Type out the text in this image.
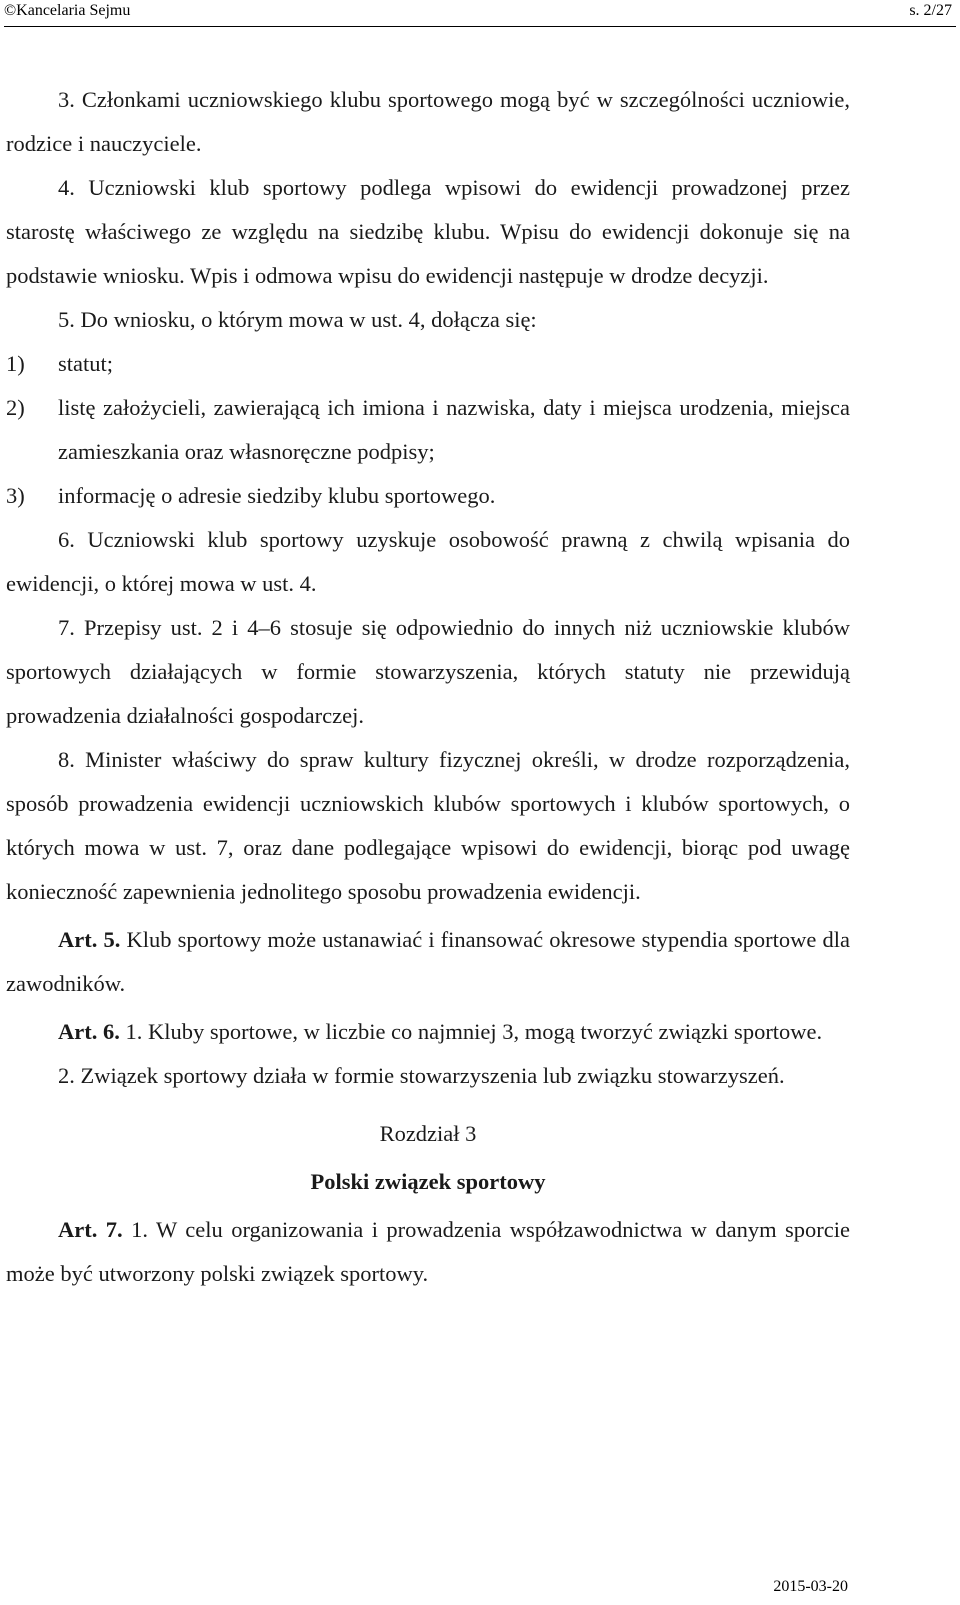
©Kancelaria Sejmu	s. 2/27

3. Członkami uczniowskiego klubu sportowego mogą być w szczególności uczniowie, rodzice i nauczyciele.

4. Uczniowski klub sportowy podlega wpisowi do ewidencji prowadzonej przez starostę właściwego ze względu na siedzibę klubu. Wpisu do ewidencji dokonuje się na podstawie wniosku. Wpis i odmowa wpisu do ewidencji następuje w drodze decyzji.

5. Do wniosku, o którym mowa w ust. 4, dołącza się:

1)	statut;
2)	listę założycieli, zawierającą ich imiona i nazwiska, daty i miejsca urodzenia, miejsca zamieszkania oraz własnoręczne podpisy;
3)	informację o adresie siedziby klubu sportowego.

6. Uczniowski klub sportowy uzyskuje osobowość prawną z chwilą wpisania do ewidencji, o której mowa w ust. 4.

7. Przepisy ust. 2 i 4–6 stosuje się odpowiednio do innych niż uczniowskie klubów sportowych działających w formie stowarzyszenia, których statuty nie przewidują prowadzenia działalności gospodarczej.

8. Minister właściwy do spraw kultury fizycznej określi, w drodze rozporządzenia, sposób prowadzenia ewidencji uczniowskich klubów sportowych i klubów sportowych, o których mowa w ust. 7, oraz dane podlegające wpisowi do ewidencji, biorąc pod uwagę konieczność zapewnienia jednolitego sposobu prowadzenia ewidencji.

Art. 5. Klub sportowy może ustanawiać i finansować okresowe stypendia sportowe dla zawodników.

Art. 6. 1. Kluby sportowe, w liczbie co najmniej 3, mogą tworzyć związki sportowe.

2. Związek sportowy działa w formie stowarzyszenia lub związku stowarzyszeń.

Rozdział 3

Polski związek sportowy

Art. 7. 1. W celu organizowania i prowadzenia współzawodnictwa w danym sporcie może być utworzony polski związek sportowy.

2015-03-20
